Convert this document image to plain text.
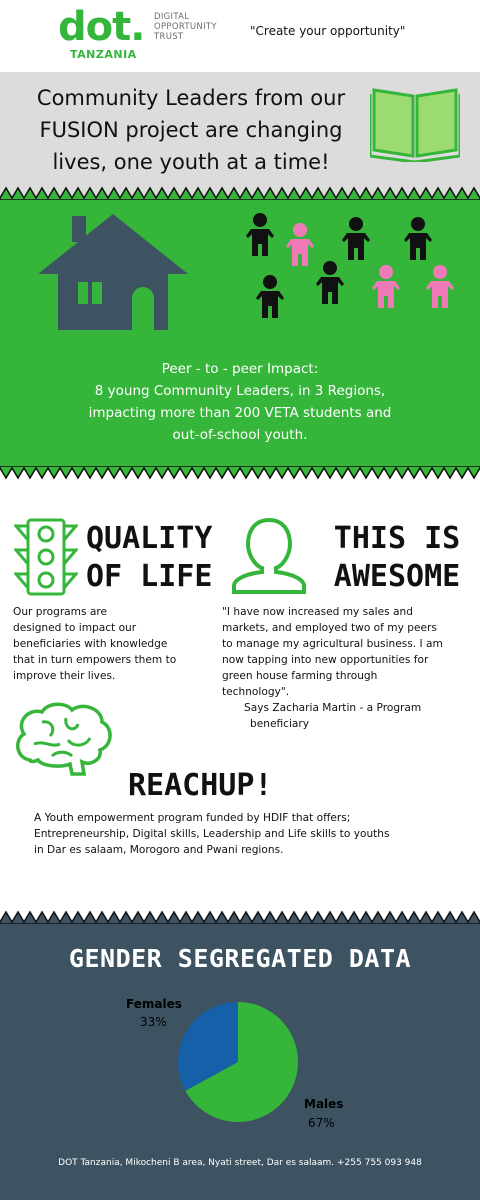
dot.
TANZANIA
DIGITAL
OPPORTUNITY
TRUST	"Create your opportunity"
Community Leaders from our
FUSION project are changing
lives, one youth at a time!
Peer - to - peer Impact:
8 young Community Leaders, in 3 Regions,
impacting more than 200 VETA students and
out-of-school youth.
QUALITY
OF LIFE
Our programs are
designed to impact our
beneficiaries with knowledge
that in turn empowers them to
improve their lives.
THIS IS
AWESOME
"I have now increased my sales and
markets, and employed two of my peers
to manage my agricultural business. I am
now tapping into new opportunities for
green house farming through
technology".
Says Zacharia Martin - a Program
beneficiary
REACHUP!
A Youth empowerment program funded by HDIF that offers;
Entrepreneurship, Digital skills, Leadership and Life skills to youths
in Dar es salaam, Morogoro and Pwani regions.
GENDER SEGREGATED DATA
Females
33%
Males
67%
DOT Tanzania, Mikocheni B area, Nyati street, Dar es salaam. +255 755 093 948
